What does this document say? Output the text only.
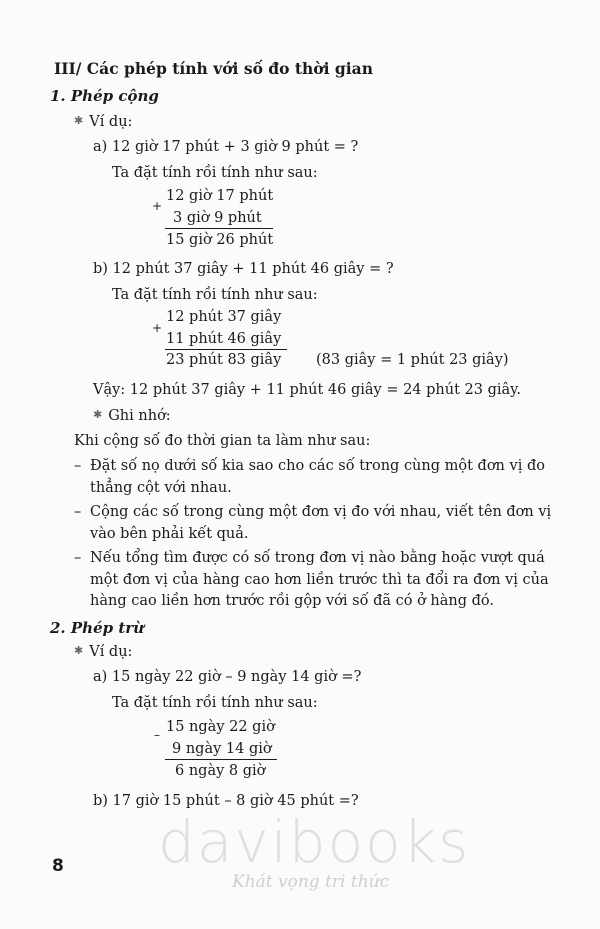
III/ Các phép tính với số đo thời gian
1. Phép cộng
✱ Ví dụ:
a) 12 giờ 17 phút + 3 giờ 9 phút = ?
Ta đặt tính rồi tính như sau:
+
12 giờ 17 phút
3 giờ 9 phút
15 giờ 26 phút
b) 12 phút 37 giây + 11 phút 46 giây = ?
Ta đặt tính rồi tính như sau:
+
12 phút 37 giây
11 phút 46 giây
23 phút 83 giây (83 giây = 1 phút 23 giây)
Vậy: 12 phút 37 giây + 11 phút 46 giây = 24 phút 23 giây.
✱ Ghi nhớ:
Khi cộng số đo thời gian ta làm như sau:
– Đặt số nọ dưới số kia sao cho các số trong cùng một đơn vị đo thẳng cột với nhau.
– Cộng các số trong cùng một đơn vị đo với nhau, viết tên đơn vị vào bên phải kết quả.
– Nếu tổng tìm được có số trong đơn vị nào bằng hoặc vượt quá một đơn vị của hàng cao hơn liền trước thì ta đổi ra đơn vị của hàng cao liền hơn trước rồi gộp với số đã có ở hàng đó.
2. Phép trừ
✱ Ví dụ:
a) 15 ngày 22 giờ – 9 ngày 14 giờ =?
Ta đặt tính rồi tính như sau:
– 15 ngày 22 giờ
9 ngày 14 giờ
6 ngày 8 giờ
b) 17 giờ 15 phút – 8 giờ 45 phút =?
davibooks
Khát vọng tri thức
8
